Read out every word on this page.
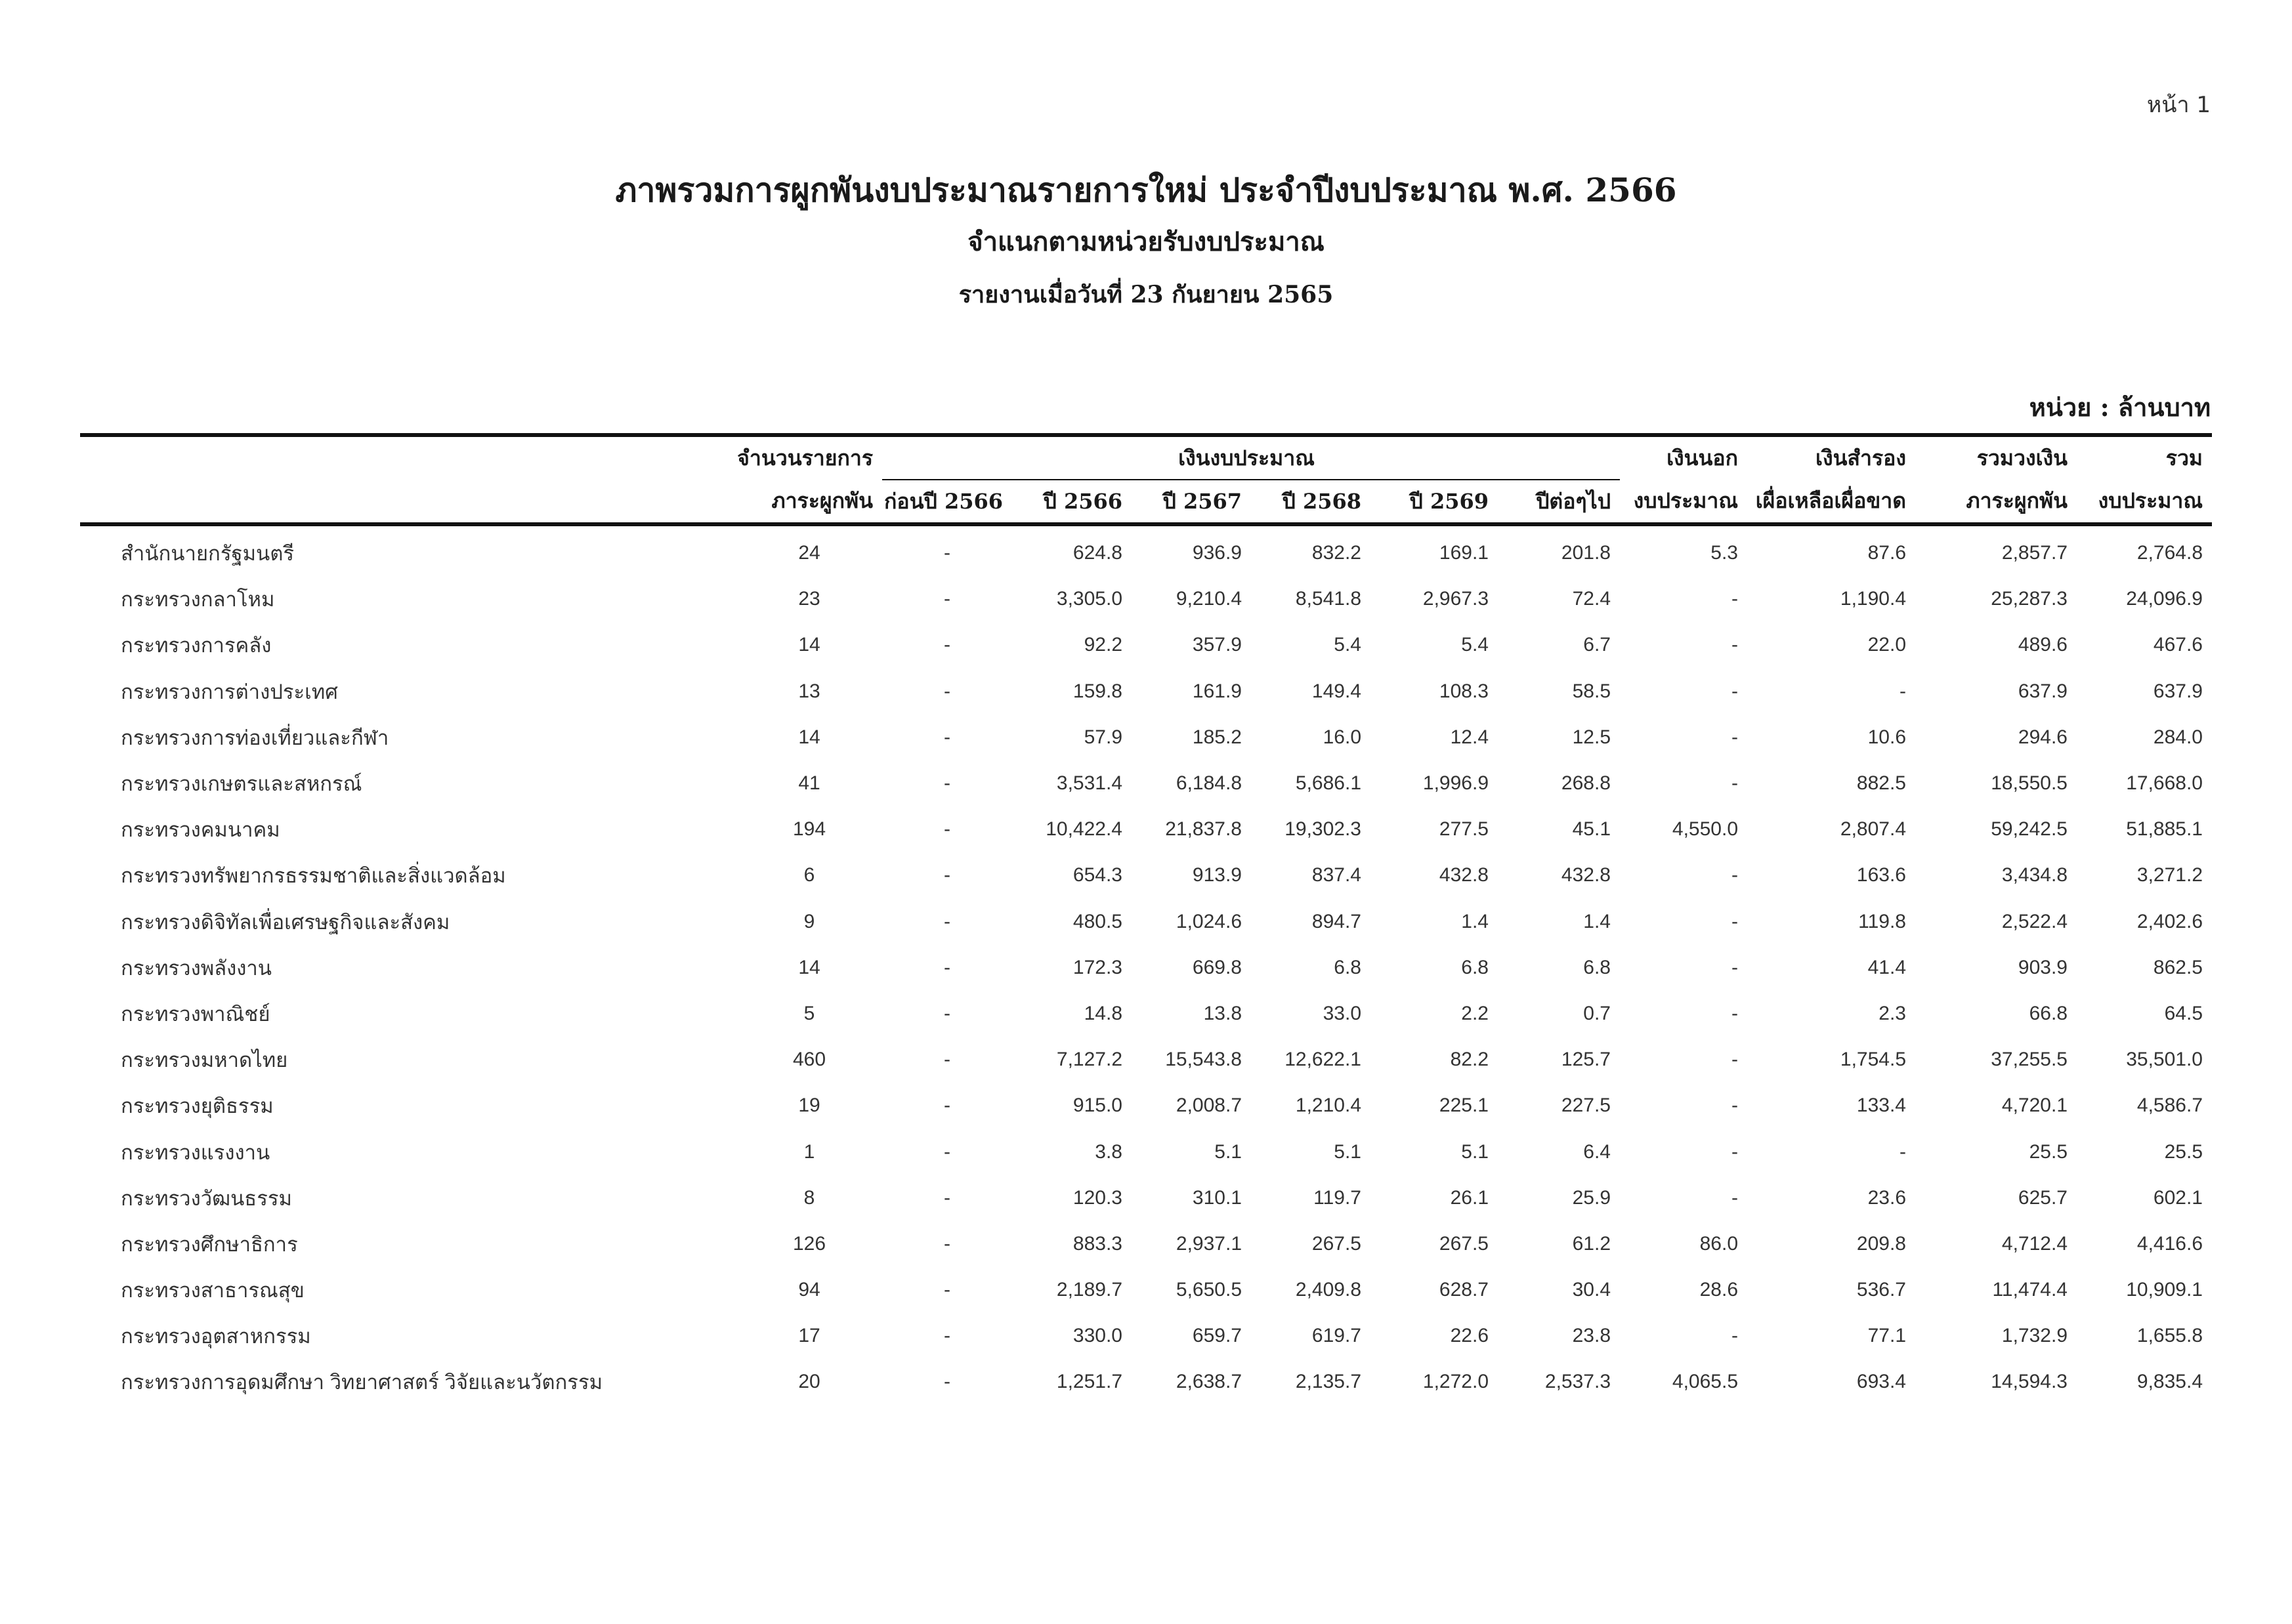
หน้า 1

ภาพรวมการผูกพันงบประมาณรายการใหม่ ประจำปีงบประมาณ พ.ศ. 2566

จำแนกตามหน่วยรับงบประมาณ

รายงานเมื่อวันที่ 23 กันยายน 2565

หน่วย : ล้านบาท
	จำนวนรายการ	เงินงบประมาณ						เงินนอก	เงินสำรอง	รวมวงเงิน	รวม
	ภาระผูกพัน	ก่อนปี 2566	ปี 2566	ปี 2567	ปี 2568	ปี 2569	ปีต่อๆไป	งบประมาณ	เผื่อเหลือเผื่อขาด	ภาระผูกพัน	งบประมาณ
สำนักนายกรัฐมนตรี	24	-	624.8	936.9	832.2	169.1	201.8	5.3	87.6	2,857.7	2,764.8
กระทรวงกลาโหม	23	-	3,305.0	9,210.4	8,541.8	2,967.3	72.4	-	1,190.4	25,287.3	24,096.9
กระทรวงการคลัง	14	-	92.2	357.9	5.4	5.4	6.7	-	22.0	489.6	467.6
กระทรวงการต่างประเทศ	13	-	159.8	161.9	149.4	108.3	58.5	-	-	637.9	637.9
กระทรวงการท่องเที่ยวและกีฬา	14	-	57.9	185.2	16.0	12.4	12.5	-	10.6	294.6	284.0
กระทรวงเกษตรและสหกรณ์	41	-	3,531.4	6,184.8	5,686.1	1,996.9	268.8	-	882.5	18,550.5	17,668.0
กระทรวงคมนาคม	194	-	10,422.4	21,837.8	19,302.3	277.5	45.1	4,550.0	2,807.4	59,242.5	51,885.1
กระทรวงทรัพยากรธรรมชาติและสิ่งแวดล้อม	6	-	654.3	913.9	837.4	432.8	432.8	-	163.6	3,434.8	3,271.2
กระทรวงดิจิทัลเพื่อเศรษฐกิจและสังคม	9	-	480.5	1,024.6	894.7	1.4	1.4	-	119.8	2,522.4	2,402.6
กระทรวงพลังงาน	14	-	172.3	669.8	6.8	6.8	6.8	-	41.4	903.9	862.5
กระทรวงพาณิชย์	5	-	14.8	13.8	33.0	2.2	0.7	-	2.3	66.8	64.5
กระทรวงมหาดไทย	460	-	7,127.2	15,543.8	12,622.1	82.2	125.7	-	1,754.5	37,255.5	35,501.0
กระทรวงยุติธรรม	19	-	915.0	2,008.7	1,210.4	225.1	227.5	-	133.4	4,720.1	4,586.7
กระทรวงแรงงาน	1	-	3.8	5.1	5.1	5.1	6.4	-	-	25.5	25.5
กระทรวงวัฒนธรรม	8	-	120.3	310.1	119.7	26.1	25.9	-	23.6	625.7	602.1
กระทรวงศึกษาธิการ	126	-	883.3	2,937.1	267.5	267.5	61.2	86.0	209.8	4,712.4	4,416.6
กระทรวงสาธารณสุข	94	-	2,189.7	5,650.5	2,409.8	628.7	30.4	28.6	536.7	11,474.4	10,909.1
กระทรวงอุตสาหกรรม	17	-	330.0	659.7	619.7	22.6	23.8	-	77.1	1,732.9	1,655.8
กระทรวงการอุดมศึกษา วิทยาศาสตร์ วิจัยและนวัตกรรม	20	-	1,251.7	2,638.7	2,135.7	1,272.0	2,537.3	4,065.5	693.4	14,594.3	9,835.4
